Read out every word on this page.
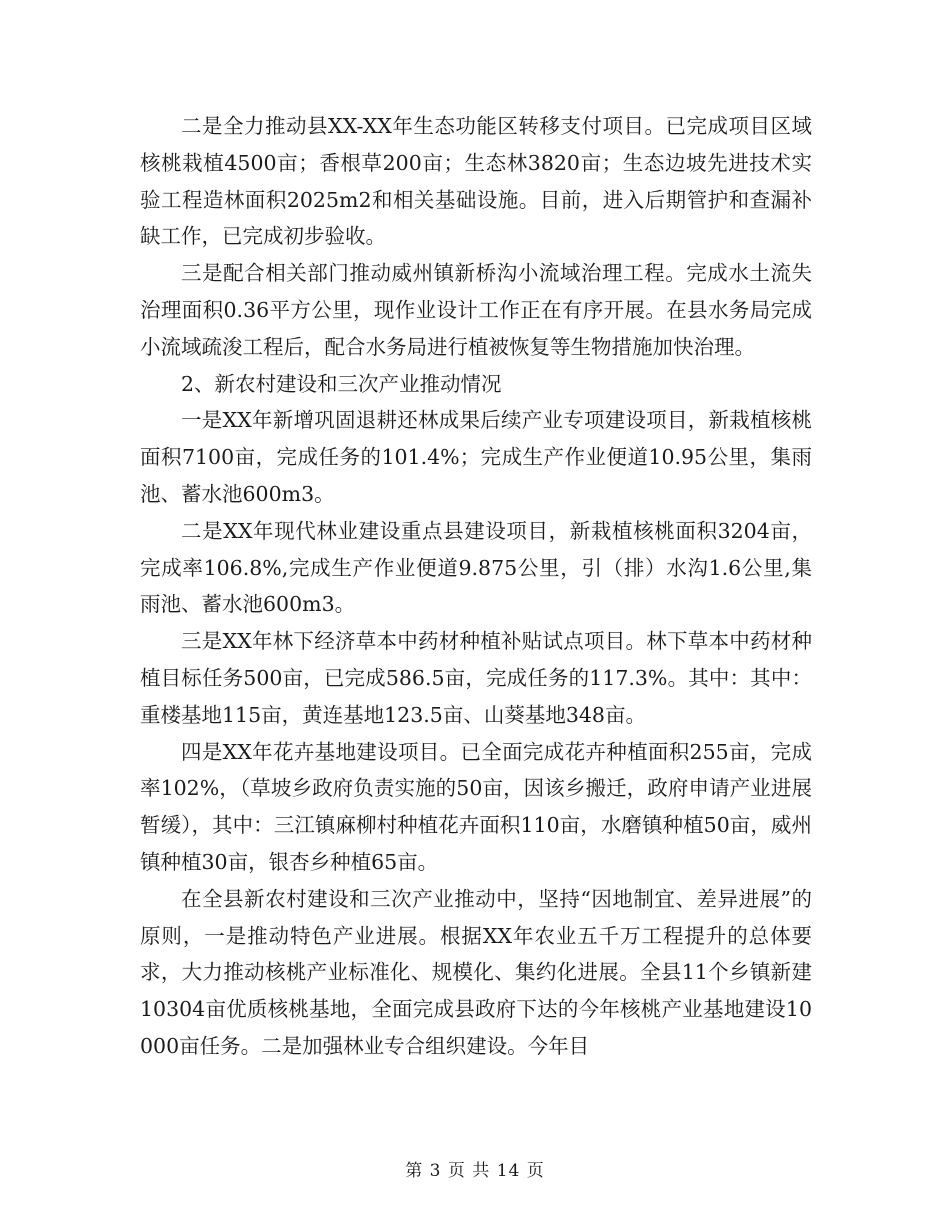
二是全力推动县XX-XX年生态功能区转移支付项目。已完成项目区域核桃栽植4500亩；香根草200亩；生态林3820亩；生态边坡先进技术实验工程造林面积2025m2和相关基础设施。目前，进入后期管护和查漏补缺工作，已完成初步验收。

三是配合相关部门推动威州镇新桥沟小流域治理工程。完成水土流失治理面积0.36平方公里，现作业设计工作正在有序开展。在县水务局完成小流域疏浚工程后，配合水务局进行植被恢复等生物措施加快治理。

2、新农村建设和三次产业推动情况

一是XX年新增巩固退耕还林成果后续产业专项建设项目，新栽植核桃面积7100亩，完成任务的101.4%；完成生产作业便道10.95公里，集雨池、蓄水池600m3。

二是XX年现代林业建设重点县建设项目，新栽植核桃面积3204亩，完成率106.8%,完成生产作业便道9.875公里，引（排）水沟1.6公里,集雨池、蓄水池600m3。

三是XX年林下经济草本中药材种植补贴试点项目。林下草本中药材种植目标任务500亩，已完成586.5亩，完成任务的117.3%。其中：其中：重楼基地115亩，黄连基地123.5亩、山葵基地348亩。

四是XX年花卉基地建设项目。已全面完成花卉种植面积255亩，完成率102%，（草坡乡政府负责实施的50亩，因该乡搬迁，政府申请产业进展暂缓），其中：三江镇麻柳村种植花卉面积110亩，水磨镇种植50亩，威州镇种植30亩，银杏乡种植65亩。

在全县新农村建设和三次产业推动中，坚持“因地制宜、差异进展”的原则，一是推动特色产业进展。根据XX年农业五千万工程提升的总体要求，大力推动核桃产业标准化、规模化、集约化进展。全县11个乡镇新建10304亩优质核桃基地，全面完成县政府下达的今年核桃产业基地建设10000亩任务。二是加强林业专合组织建设。今年目

第 3 页 共 14 页
